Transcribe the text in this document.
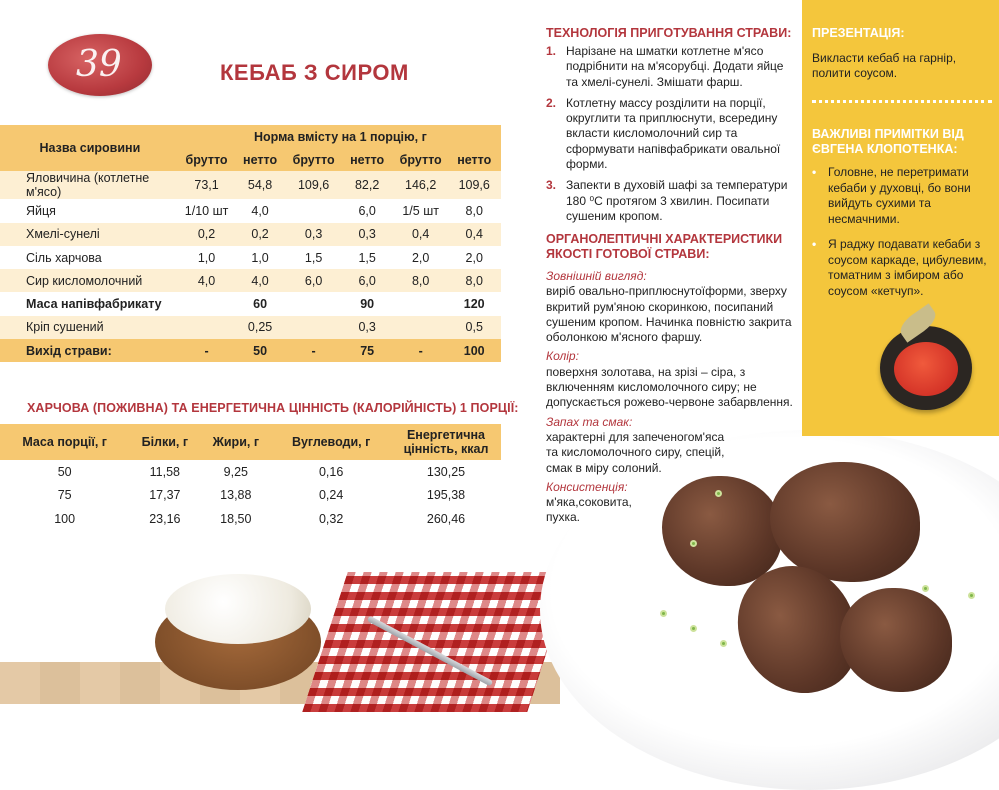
39	КЕБАБ З СИРОМ
Назва сировини	Норма вмісту на 1 порцію, г					
	брутто	нетто	брутто	нетто	брутто	нетто
Яловичина (котлетне м'ясо)	73,1	54,8	109,6	82,2	146,2	109,6
Яйця	1/10 шт	4,0		6,0	1/5 шт	8,0
Хмелі-сунелі	0,2	0,2	0,3	0,3	0,4	0,4
Сіль харчова	1,0	1,0	1,5	1,5	2,0	2,0
Сир кисломолочний	4,0	4,0	6,0	6,0	8,0	8,0
Маса напівфабрикату		60		90		120
Кріп сушений		0,25		0,3		0,5
Вихід страви:	-	50	-	75	-	100
ХАРЧОВА (ПОЖИВНА) ТА ЕНЕРГЕТИЧНА ЦІННІСТЬ (КАЛОРІЙНІСТЬ) 1 ПОРЦІЇ:
Маса порції, г	Білки, г	Жири, г	Вуглеводи, г	Енергетична цінність, ккал
50	11,58	9,25	0,16	130,25
75	17,37	13,88	0,24	195,38
100	23,16	18,50	0,32	260,46
ТЕХНОЛОГІЯ ПРИГОТУВАННЯ СТРАВИ:
1. Нарізане на шматки котлетне м'ясо подрібнити на м'ясорубці. Додати яйце та хмелі-сунелі. Змішати фарш.
2. Котлетну массу розділити на порції, округлити та приплюснути, всередину вкласти кисломолочний сир та сформувати напівфабрикати овальної форми.
3. Запекти в духовій шафі за температури 180 ⁰С протягом 3 хвилин. Посипати сушеним кропом.
ОРГАНОЛЕПТИЧНІ ХАРАКТЕРИСТИКИ ЯКОСТІ ГОТОВОЇ СТРАВИ:
Зовнішній вигляд:
виріб овально-приплюснутоїформи, зверху вкритий рум'яною скоринкою, посипаний сушеним кропом. Начинка повністю закрита оболонкою м'ясного фаршу.
Колір:
поверхня золотава, на зрізі – сіра, з включенням кисломолочного сиру; не допускається рожево-червоне забарвлення.
Запах та смак:
характерні для запеченогом'яса та кисломолочного сиру, спецій, смак в міру солоний.
Консистенція:
м'яка,соковита, пухка.
ПРЕЗЕНТАЦІЯ:
Викласти кебаб на гарнір, полити соусом.
ВАЖЛИВІ ПРИМІТКИ ВІД ЄВГЕНА КЛОПОТЕНКА:
• Головне, не перетримати кебаби у духовці, бо вони вийдуть сухими та несмачними.
• Я раджу подавати кебаби з соусом каркаде, цибулевим, томатним з імбиром або соусом «кетчуп».
